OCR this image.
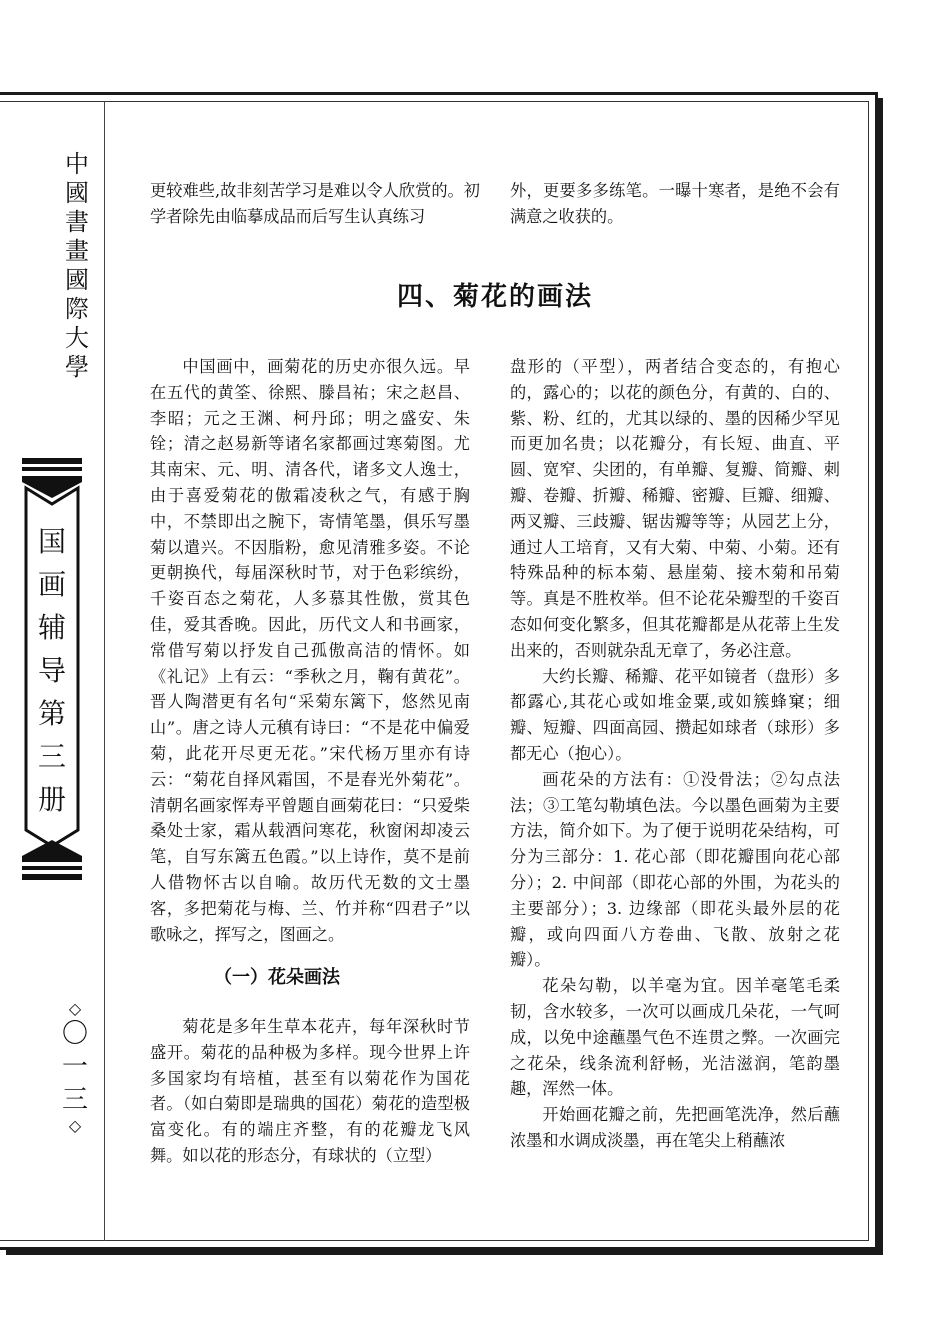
中國書畫國際大學
国画辅导第三册
◇
〇一三
◇

更较难些,故非刻苦学习是难以令人欣赏的。初学者除先由临摹成品而后写生认真练习

外，更要多多练笔。一曝十寒者，是绝不会有满意之收获的。

四、菊花的画法

中国画中，画菊花的历史亦很久远。早在五代的黄筌、徐熙、滕昌祐；宋之赵昌、李昭；元之王渊、柯丹邱；明之盛安、朱铨；清之赵易新等诸名家都画过寒菊图。尤其南宋、元、明、清各代，诸多文人逸士，由于喜爱菊花的傲霜凌秋之气，有感于胸中，不禁即出之腕下，寄情笔墨，俱乐写墨菊以遣兴。不因脂粉，愈见清雅多姿。不论更朝换代，每届深秋时节，对于色彩缤纷，千姿百态之菊花，人多慕其性傲，赏其色佳，爱其香晚。因此，历代文人和书画家，常借写菊以抒发自己孤傲高洁的情怀。如《礼记》上有云：“季秋之月，鞠有黄花”。晋人陶潜更有名句“采菊东篱下，悠然见南山”。唐之诗人元稹有诗曰：“不是花中偏爱菊，此花开尽更无花。”宋代杨万里亦有诗云：“菊花自择风霜国，不是春光外菊花”。清朝名画家恽寿平曾题自画菊花曰：“只爱柴桑处士家，霜从载酒问寒花，秋窗闲却凌云笔，自写东篱五色霞。”以上诗作，莫不是前人借物怀古以自喻。故历代无数的文士墨客，多把菊花与梅、兰、竹并称“四君子”以歌咏之，挥写之，图画之。

（一）花朵画法

菊花是多年生草本花卉，每年深秋时节盛开。菊花的品种极为多样。现今世界上许多国家均有培植，甚至有以菊花作为国花者。（如白菊即是瑞典的国花）菊花的造型极富变化。有的端庄齐整，有的花瓣龙飞风舞。如以花的形态分，有球状的（立型）

盘形的（平型），两者结合变态的，有抱心的，露心的；以花的颜色分，有黄的、白的、紫、粉、红的，尤其以绿的、墨的因稀少罕见而更加名贵；以花瓣分，有长短、曲直、平圆、宽窄、尖团的，有单瓣、复瓣、简瓣、刺瓣、卷瓣、折瓣、稀瓣、密瓣、巨瓣、细瓣、两叉瓣、三歧瓣、锯齿瓣等等；从园艺上分，通过人工培育，又有大菊、中菊、小菊。还有特殊品种的标本菊、悬崖菊、接木菊和吊菊等。真是不胜枚举。但不论花朵瓣型的千姿百态如何变化繁多，但其花瓣都是从花蒂上生发出来的，否则就杂乱无章了，务必注意。

大约长瓣、稀瓣、花平如镜者（盘形）多都露心,其花心或如堆金粟,或如簇蜂窠；细瓣、短瓣、四面高园、攒起如球者（球形）多都无心（抱心）。

画花朵的方法有：①没骨法；②勾点法法；③工笔勾勒填色法。今以墨色画菊为主要方法，简介如下。为了便于说明花朵结构，可分为三部分：1. 花心部（即花瓣围向花心部分）；2. 中间部（即花心部的外围，为花头的主要部分）；3. 边缘部（即花头最外层的花瓣，或向四面八方卷曲、飞散、放射之花瓣）。

花朵勾勒，以羊毫为宜。因羊毫笔毛柔韧，含水较多，一次可以画成几朵花，一气呵成，以免中途蘸墨气色不连贯之弊。一次画完之花朵，线条流利舒畅，光洁滋润，笔韵墨趣，浑然一体。

开始画花瓣之前，先把画笔洗净，然后蘸浓墨和水调成淡墨，再在笔尖上稍蘸浓
